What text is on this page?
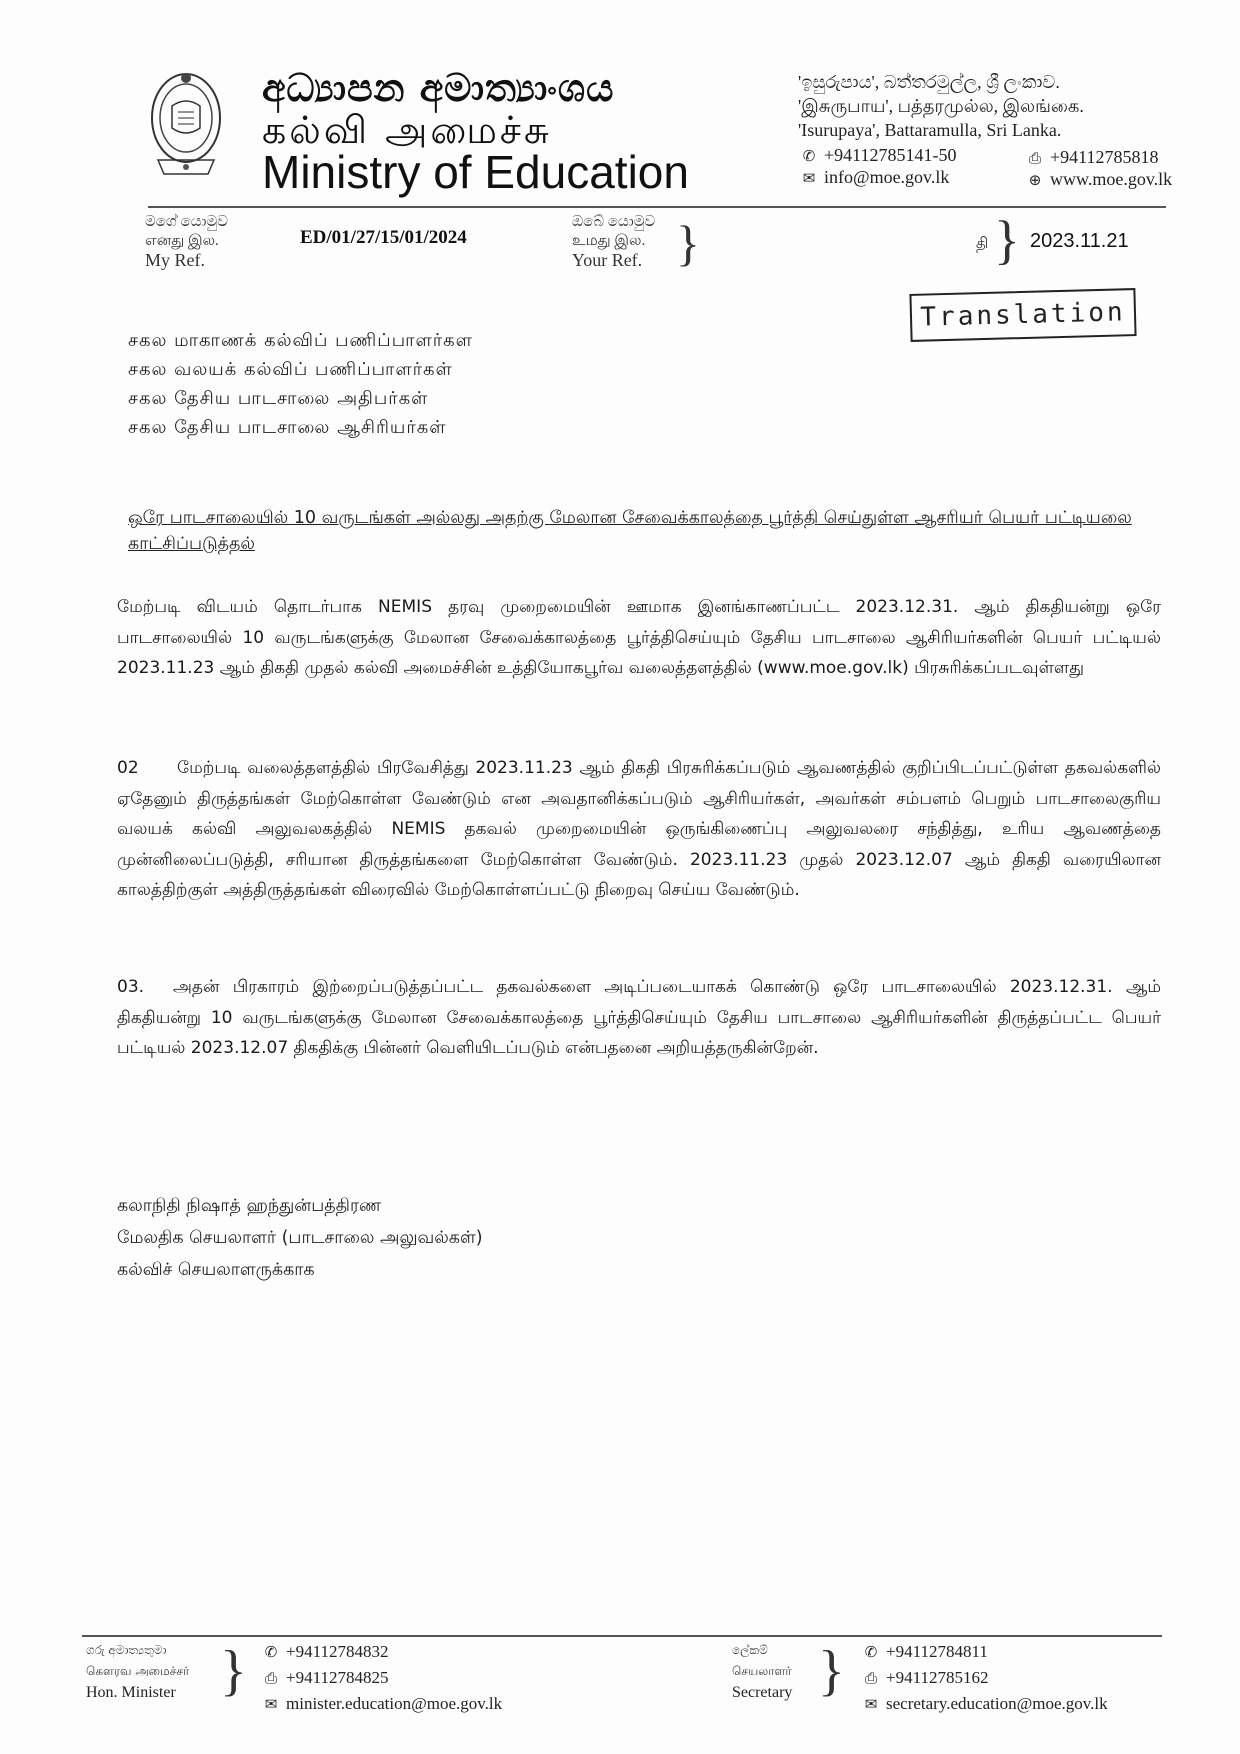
අධ්‍යාපන අමාත්‍යාංශය
கல்வி அமைச்சு
Ministry of Education
'ඉසුරුපාය', බත්තරමුල්ල, ශ්‍රී ලංකාව.
'இசுருபாய', பத்தரமுல்ல, இலங்கை.
'Isurupaya', Battaramulla, Sri Lanka.
✆ +94112785141-50	⎙ +94112785818
✉ info@moe.gov.lk	⊕ www.moe.gov.lk
මගේ යොමුව
எனது இல.
My Ref.
ED/01/27/15/01/2024
ඔබේ යොමුව
உமது இல.
Your Ref. }	தி } 2023.11.21
Translation
சகல மாகாணக் கல்விப் பணிப்பாளர்கள
சகல வலயக் கல்விப் பணிப்பாளர்கள்
சகல தேசிய பாடசாலை அதிபர்கள்
சகல தேசிய பாடசாலை ஆசிரியர்கள்
ஒரே பாடசாலையில் 10 வருடங்கள் அல்லது அதற்கு மேலான சேவைக்காலத்தை பூர்த்தி செய்துள்ள ஆசரியர் பெயர் பட்டியலை காட்சிப்படுத்தல்
மேற்படி விடயம் தொடர்பாக NEMIS தரவு முறைமையின் ஊமாக இனங்காணப்பட்ட 2023.12.31. ஆம் திகதியன்று ஒரே பாடசாலையில் 10 வருடங்களுக்கு மேலான சேவைக்காலத்தை பூர்த்திசெய்யும் தேசிய பாடசாலை ஆசிரியர்களின் பெயர் பட்டியல் 2023.11.23 ஆம் திகதி முதல் கல்வி அமைச்சின் உத்தியோகபூர்வ வலைத்தளத்தில் (www.moe.gov.lk) பிரசுரிக்கப்படவுள்ளது
02 மேற்படி வலைத்தளத்தில் பிரவேசித்து 2023.11.23 ஆம் திகதி பிரசுரிக்கப்படும் ஆவணத்தில் குறிப்பிடப்பட்டுள்ள தகவல்களில் ஏதேனும் திருத்தங்கள் மேற்கொள்ள வேண்டும் என அவதானிக்கப்படும் ஆசிரியர்கள், அவர்கள் சம்பளம் பெறும் பாடசாலைகுரிய வலயக் கல்வி அலுவலகத்தில் NEMIS தகவல் முறைமையின் ஒருங்கிணைப்பு அலுவலரை சந்தித்து, உரிய ஆவணத்தை முன்னிலைப்படுத்தி, சரியான திருத்தங்களை மேற்கொள்ள வேண்டும். 2023.11.23 முதல் 2023.12.07 ஆம் திகதி வரையிலான காலத்திற்குள் அத்திருத்தங்கள் விரைவில் மேற்கொள்ளப்பட்டு நிறைவு செய்ய வேண்டும்.
03. அதன் பிரகாரம் இற்றைப்படுத்தப்பட்ட தகவல்களை அடிப்படையாகக் கொண்டு ஒரே பாடசாலையில் 2023.12.31. ஆம் திகதியன்று 10 வருடங்களுக்கு மேலான சேவைக்காலத்தை பூர்த்திசெய்யும் தேசிய பாடசாலை ஆசிரியர்களின் திருத்தப்பட்ட பெயர் பட்டியல் 2023.12.07 திகதிக்கு பின்னர் வெளியிடப்படும் என்பதனை அறியத்தருகின்றேன்.
கலாநிதி நிஷாத் ஹந்துன்பத்திரண
மேலதிக செயலாளர் (பாடசாலை அலுவல்கள்)
கல்விச் செயலாளருக்காக
ගරු අමාත්‍යතුමා
கௌரவ அமைச்சர்
Hon. Minister } ✆ +94112784832
⎙ +94112784825
✉ minister.education@moe.gov.lk
ලේකම්
செயலாளர்
Secretary } ✆ +94112784811
⎙ +94112785162
✉ secretary.education@moe.gov.lk
